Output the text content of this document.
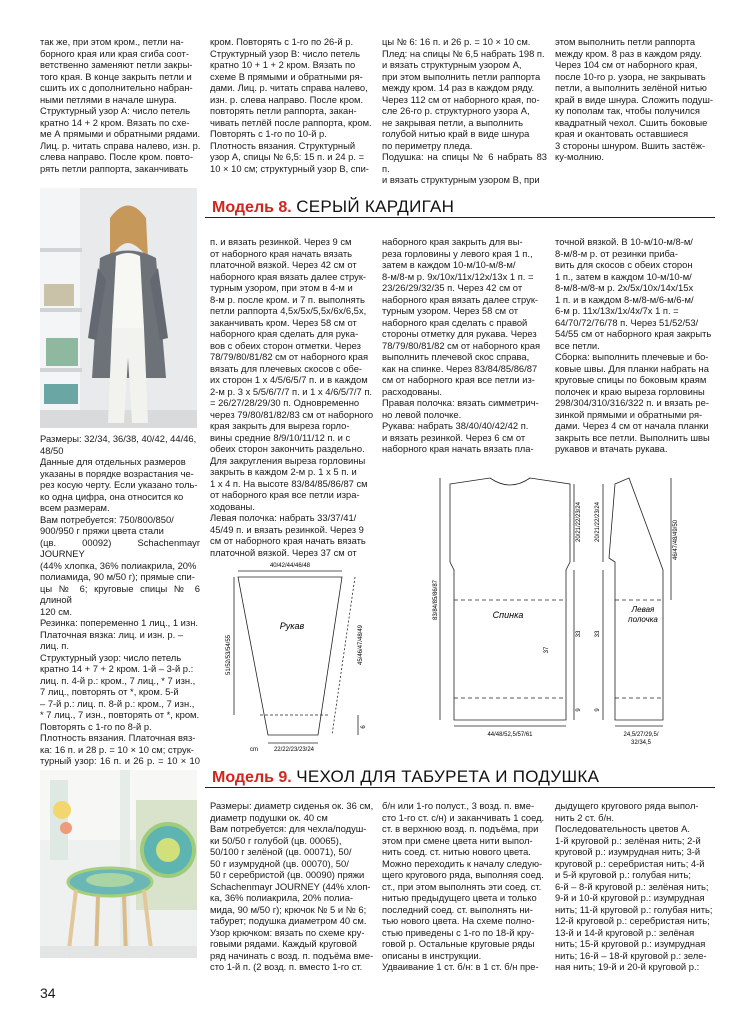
так же, при этом кром., петли на-

борного края или края сгиба соот-

ветственно заменяют петли закры-

того края. В конце закрыть петли и

сшить их с дополнительно набран-

ными петлями в начале шнура.

Структурный узор А: число петель

кратно 14 + 2 кром. Вязать по схе-

ме А прямыми и обратными рядами.

Лиц. р. читать справа налево, изн. р.

слева направо. После кром. повто-

рять петли раппорта, заканчивать

кром. Повторять с 1-го по 26-й р.

Структурный узор В: число петель

кратно 10 + 1 + 2 кром. Вязать по

схеме В прямыми и обратными ря-

дами. Лиц. р. читать справа налево,

изн. р. слева направо. После кром.

повторять петли раппорта, закан-

чивать петлёй после раппорта, кром.

Повторять с 1-го по 10-й р.

Плотность вязания. Структурный

узор А, спицы № 6,5: 15 п. и 24 р. =

10 × 10 см; структурный узор В, спи-

цы № 6: 16 п. и 26 р. = 10 × 10 см.

Плед: на спицы № 6,5 набрать 198 п.

и вязать структурным узором А,

при этом выполнить петли раппорта

между кром. 14 раз в каждом ряду.

Через 112 см от наборного края, по-

сле 26-го р. структурного узора А,

не закрывая петли, а выполнить

голубой нитью край в виде шнура

по периметру пледа.

Подушка: на спицы № 6 набрать 83 п.

и вязать структурным узором В, при

этом выполнить петли раппорта

между кром. 8 раз в каждом ряду.

Через 104 см от наборного края,

после 10-го р. узора, не закрывать

петли, а выполнить зелёной нитью

край в виде шнура. Сложить подуш-

ку пополам так, чтобы получился

квадратный чехол. Сшить боковые

края и окантовать оставшиеся

3 стороны шнуром. Вшить застёж-

ку-молнию.

Модель 8. СЕРЫЙ КАРДИГАН

Размеры: 32/34, 36/38, 40/42, 44/46,

48/50

Данные для отдельных размеров

указаны в порядке возрастания че-

рез косую черту. Если указано толь-

ко одна цифра, она относится ко

всем размерам.

Вам потребуется: 750/800/850/

900/950 г пряжи цвета стали

(цв. 00092) Schachenmayr JOURNEY

(44% хлопка, 36% полиакрила, 20%

полиамида, 90 м/50 г); прямые спи-

цы № 6; круговые спицы № 6 длиной

120 см.

Резинка: попеременно 1 лиц., 1 изн.

Платочная вязка: лиц. и изн. р. –

лиц. п.

Структурный узор: число петель

кратно 14 + 7 + 2 кром. 1-й – 3-й р.:

лиц. п. 4-й р.: кром., 7 лиц., * 7 изн.,

7 лиц., повторять от *, кром. 5-й

– 7-й р.: лиц. п. 8-й р.: кром., 7 изн.,

* 7 лиц., 7 изн., повторять от *, кром.

Повторять с 1-го по 8-й р.

Плотность вязания. Платочная вяз-

ка: 16 п. и 28 р. = 10 × 10 см; струк-

турный узор: 16 п. и 26 р. = 10 × 10

п. и вязать резинкой. Через 9 см

от наборного края начать вязать

платочной вязкой. Через 42 см от

наборного края вязать далее струк-

турным узором, при этом в 4-м и

8-м р. после кром. и 7 п. выполнять

петли раппорта 4,5х/5х/5,5х/6х/6,5х,

заканчивать кром. Через 58 см от

наборного края сделать для рука-

вов с обеих сторон отметки. Через

78/79/80/81/82 см от наборного края

вязать для плечевых скосов с обе-

их сторон 1 х 4/5/6/5/7 п. и в каждом

2-м р. 3 х 5/5/6/7/7 п. и 1 х 4/6/5/7/7 п.

= 26/27/28/29/30 п. Одновременно

через 79/80/81/82/83 см от наборного

края закрыть для выреза горло-

вины средние 8/9/10/11/12 п. и с

обеих сторон закончить раздельно.

Для закругления выреза горловины

закрыть в каждом 2-м р. 1 х 5 п. и

1 х 4 п. На высоте 83/84/85/86/87 см

от наборного края все петли изра-

ходованы.

Левая полочка: набрать 33/37/41/

45/49 п. и вязать резинкой. Через 9

см от наборного края начать вязать

платочной вязкой. Через 37 см от

наборного края закрыть для вы-

реза горловины у левого края 1 п.,

затем в каждом 10-м/10-м/8-м/

8-м/8-м р. 9х/10х/11х/12х/13х 1 п. =

23/26/29/32/35 п. Через 42 см от

наборного края вязать далее струк-

турным узором. Через 58 см от

наборного края сделать с правой

стороны отметку для рукава. Через

78/79/80/81/82 см от наборного края

выполнить плечевой скос справа,

как на спинке. Через 83/84/85/86/87

см от наборного края все петли из-

расходованы.

Правая полочка: вязать симметрич-

но левой полочке.

Рукава: набрать 38/40/40/42/42 п.

и вязать резинкой. Через 6 см от

наборного края начать вязать пла-

точной вязкой. В 10-м/10-м/8-м/

8-м/8-м р. от резинки приба-

вить для скосов с обеих сторон

1 п., затем в каждом 10-м/10-м/

8-м/8-м/8-м р. 2х/5х/10х/14х/15х

1 п. и в каждом 8-м/8-м/6-м/6-м/

6-м р. 11х/13х/1х/4х/7х 1 п. =

64/70/72/76/78 п. Через 51/52/53/

54/55 см от наборного края закрыть

все петли.

Сборка: выполнить плечевые и бо-

ковые швы. Для планки набрать на

круговые спицы по боковым краям

полочек и краю выреза горловины

298/304/310/316/322 п. и вязать ре-

зинкой прямыми и обратными ря-

дами. Через 4 см от начала планки

закрыть все петли. Выполнить швы

рукавов и втачать рукава.

40/42/44/46/48
Рукав
22/22/23/23/24
cm
51/52/53/54/55	45/46/47/48/49
6
83/84/85/86/87	Спинка
20/21/22/23/24
33
37
9
44/48/52,5/57/61
20/21/22/23/24
33
9
46/47/48/49/50
Левая полочка
24,5/27/29,5/
32/34,5
Модель 9. ЧЕХОЛ ДЛЯ ТАБУРЕТА И ПОДУШКА

Размеры: диаметр сиденья ок. 36 см,

диаметр подушки ок. 40 см

Вам потребуется: для чехла/подуш-

ки 50/50 г голубой (цв. 00065),

50/100 г зелёной (цв. 00071), 50/

50 г изумрудной (цв. 00070), 50/

50 г серебристой (цв. 00090) пряжи

Schachenmayr JOURNEY (44% хлоп-

ка, 36% полиакрила, 20% полиа-

мида, 90 м/50 г); крючок № 5 и № 6;

табурет; подушка диаметром 40 см.

Узор крючком: вязать по схеме кру-

говыми рядами. Каждый круговой

ряд начинать с возд. п. подъёма вме-

сто 1-й п. (2 возд. п. вместо 1-го ст.

б/н или 1-го полуст., 3 возд. п. вме-

сто 1-го ст. с/н) и заканчивать 1 соед.

ст. в верхнюю возд. п. подъёма, при

этом при смене цвета нити выпол-

нить соед. ст. нитью нового цвета.

Можно переходить к началу следую-

щего кругового ряда, выполняя соед.

ст., при этом выполнять эти соед. ст.

нитью предыдущего цвета и только

последний соед. ст. выполнять ни-

тью нового цвета. На схеме полно-

стью приведены с 1-го по 18-й кру-

говой р. Остальные круговые ряды

описаны в инструкции.

Удваивание 1 ст. б/н: в 1 ст. б/н пре-

дыдущего кругового ряда выпол-

нить 2 ст. б/н.

Последовательность цветов А.

1-й круговой р.: зелёная нить; 2-й

круговой р.: изумрудная нить; 3-й

круговой р.: серебристая нить; 4-й

и 5-й круговой р.: голубая нить;

6-й – 8-й круговой р.: зелёная нить;

9-й и 10-й круговой р.: изумрудная

нить; 11-й круговой р.: голубая нить;

12-й круговой р.: серебристая нить;

13-й и 14-й круговой р.: зелёная

нить; 15-й круговой р.: изумрудная

нить; 16-й – 18-й круговой р.: зеле-

ная нить; 19-й и 20-й круговой р.:

34
